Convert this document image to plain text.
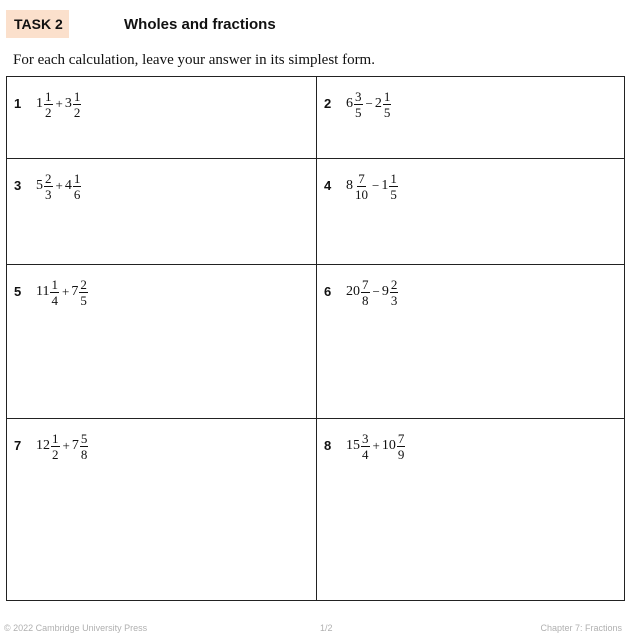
TASK 2	Wholes and fractions
For each calculation, leave your answer in its simplest form.
1 $1 \frac{1}{2} + 3 \frac{1}{2}$	2 $6 \frac{3}{5} - 2 \frac{1}{5}$
3 $5 \frac{2}{3} + 4 \frac{1}{6}$	4 $8 \frac{7}{10} - 1 \frac{1}{5}$
5 $11 \frac{1}{4} + 7 \frac{2}{5}$	6 $20 \frac{7}{8} - 9 \frac{2}{3}$
7 $12 \frac{1}{2} + 7 \frac{5}{8}$	8 $15 \frac{3}{4} + 10 \frac{7}{9}$
© 2022 Cambridge University Press	1/2	Chapter 7: Fractions
